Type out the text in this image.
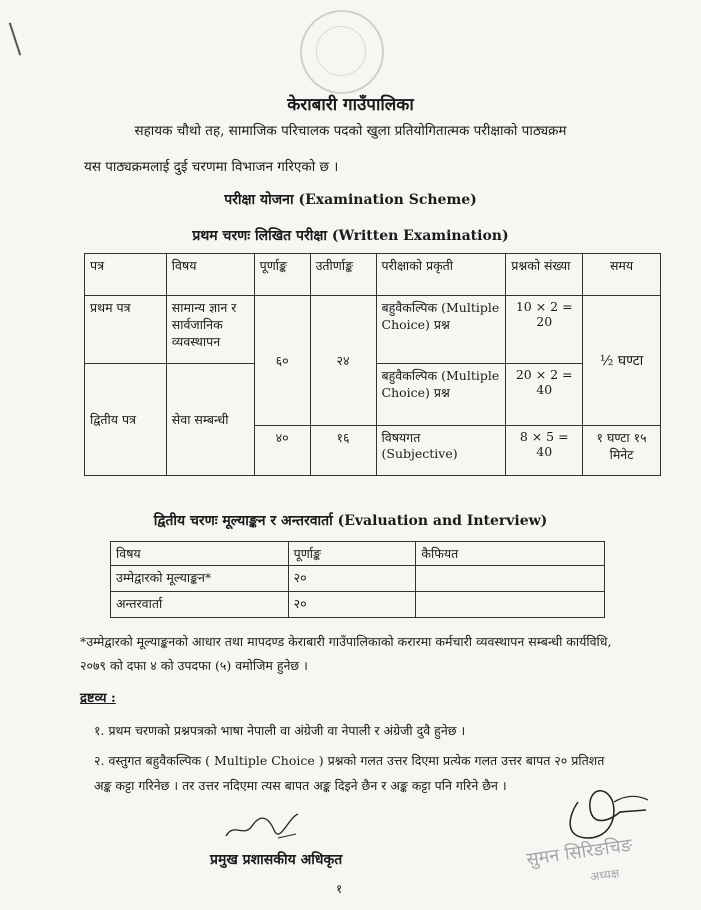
केराबारी गाउँपालिका
सहायक चौथो तह, सामाजिक परिचालक पदको खुला प्रतियोगितात्मक परीक्षाको पाठ्यक्रम
यस पाठ्यक्रमलाई दुई चरणमा विभाजन गरिएको छ ।
परीक्षा योजना (Examination Scheme)
प्रथम चरणः लिखित परीक्षा (Written Examination)
पत्र	विषय	पूर्णाङ्क	उतीर्णाङ्क	परीक्षाको प्रकृती	प्रश्नको संख्या	समय
प्रथम पत्र	सामान्य ज्ञान र सार्वजानिक व्यवस्थापन	६०	२४	बहुवैकल्पिक (Multiple Choice) प्रश्न	10 × 2 = 20	½ घण्टा
द्वितीय पत्र	सेवा सम्बन्धी			बहुवैकल्पिक (Multiple Choice) प्रश्न	20 × 2 = 40	
		४०	१६	विषयगत (Subjective)	8 × 5 = 40	१ घण्टा १५ मिनेट
द्वितीय चरणः मूल्याङ्कन र अन्तरवार्ता (Evaluation and Interview)
विषय	पूर्णाङ्क	कैफियत
उम्मेद्वारको मूल्याङ्कन*	२०	
अन्तरवार्ता	२०	
*उम्मेद्वारको मूल्याङ्कनको आधार तथा मापदण्ड केराबारी गाउँपालिकाको करारमा कर्मचारी व्यवस्थापन सम्बन्धी कार्यविधि, २०७९ को दफा ४ को उपदफा (५) वमोजिम हुनेछ ।
द्रष्टव्य :
१. प्रथम चरणको प्रश्नपत्रको भाषा नेपाली वा अंग्रेजी वा नेपाली र अंग्रेजी दुवै हुनेछ ।
२. वस्तुगत बहुवैकल्पिक ( Multiple Choice ) प्रश्नको गलत उत्तर दिएमा प्रत्येक गलत उत्तर बापत २० प्रतिशत अङ्क कट्टा गरिनेछ । तर उत्तर नदिएमा त्यस बापत अङ्क दिइने छैन र अङ्क कट्टा पनि गरिने छैन ।
प्रमुख प्रशासकीय अधिकृत
१
सुमन सिरिङचिङ
अध्यक्ष
